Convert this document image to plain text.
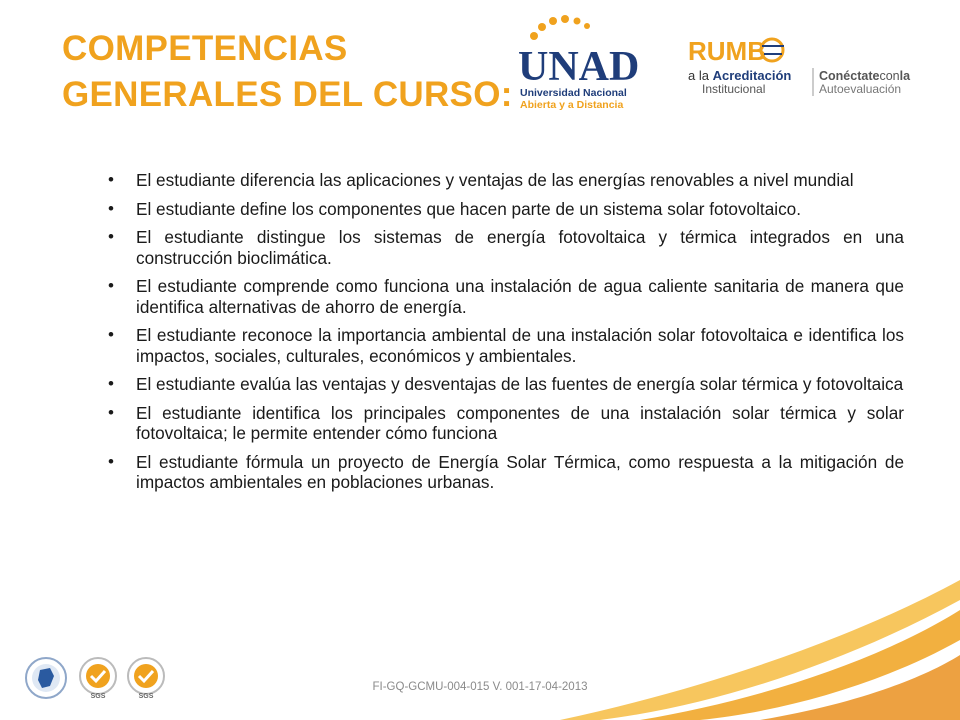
COMPETENCIAS
GENERALES DEL CURSO:
UNAD
Universidad Nacional
Abierta y a Distancia
RUMB
a la Acreditación
Institucional
Conéctateconla
Autoevaluación
• El estudiante diferencia las aplicaciones y ventajas de las energías renovables a nivel mundial
• El estudiante define los componentes que hacen parte de un sistema solar fotovoltaico.
• El estudiante distingue los sistemas de energía fotovoltaica y térmica integrados en una construcción bioclimática.
• El estudiante comprende como funciona una instalación de agua caliente sanitaria de manera que identifica alternativas de ahorro de energía.
• El estudiante reconoce la importancia ambiental de una instalación solar fotovoltaica e identifica los impactos, sociales, culturales, económicos y ambientales.
• El estudiante evalúa las ventajas y desventajas de las fuentes de energía solar térmica y fotovoltaica
• El estudiante identifica los principales componentes de una instalación solar térmica y solar fotovoltaica; le permite entender cómo funciona
• El estudiante fórmula un proyecto de Energía Solar Térmica, como respuesta a la mitigación de impactos ambientales en poblaciones urbanas.
SGS	SGS
FI-GQ-GCMU-004-015 V. 001-17-04-2013
